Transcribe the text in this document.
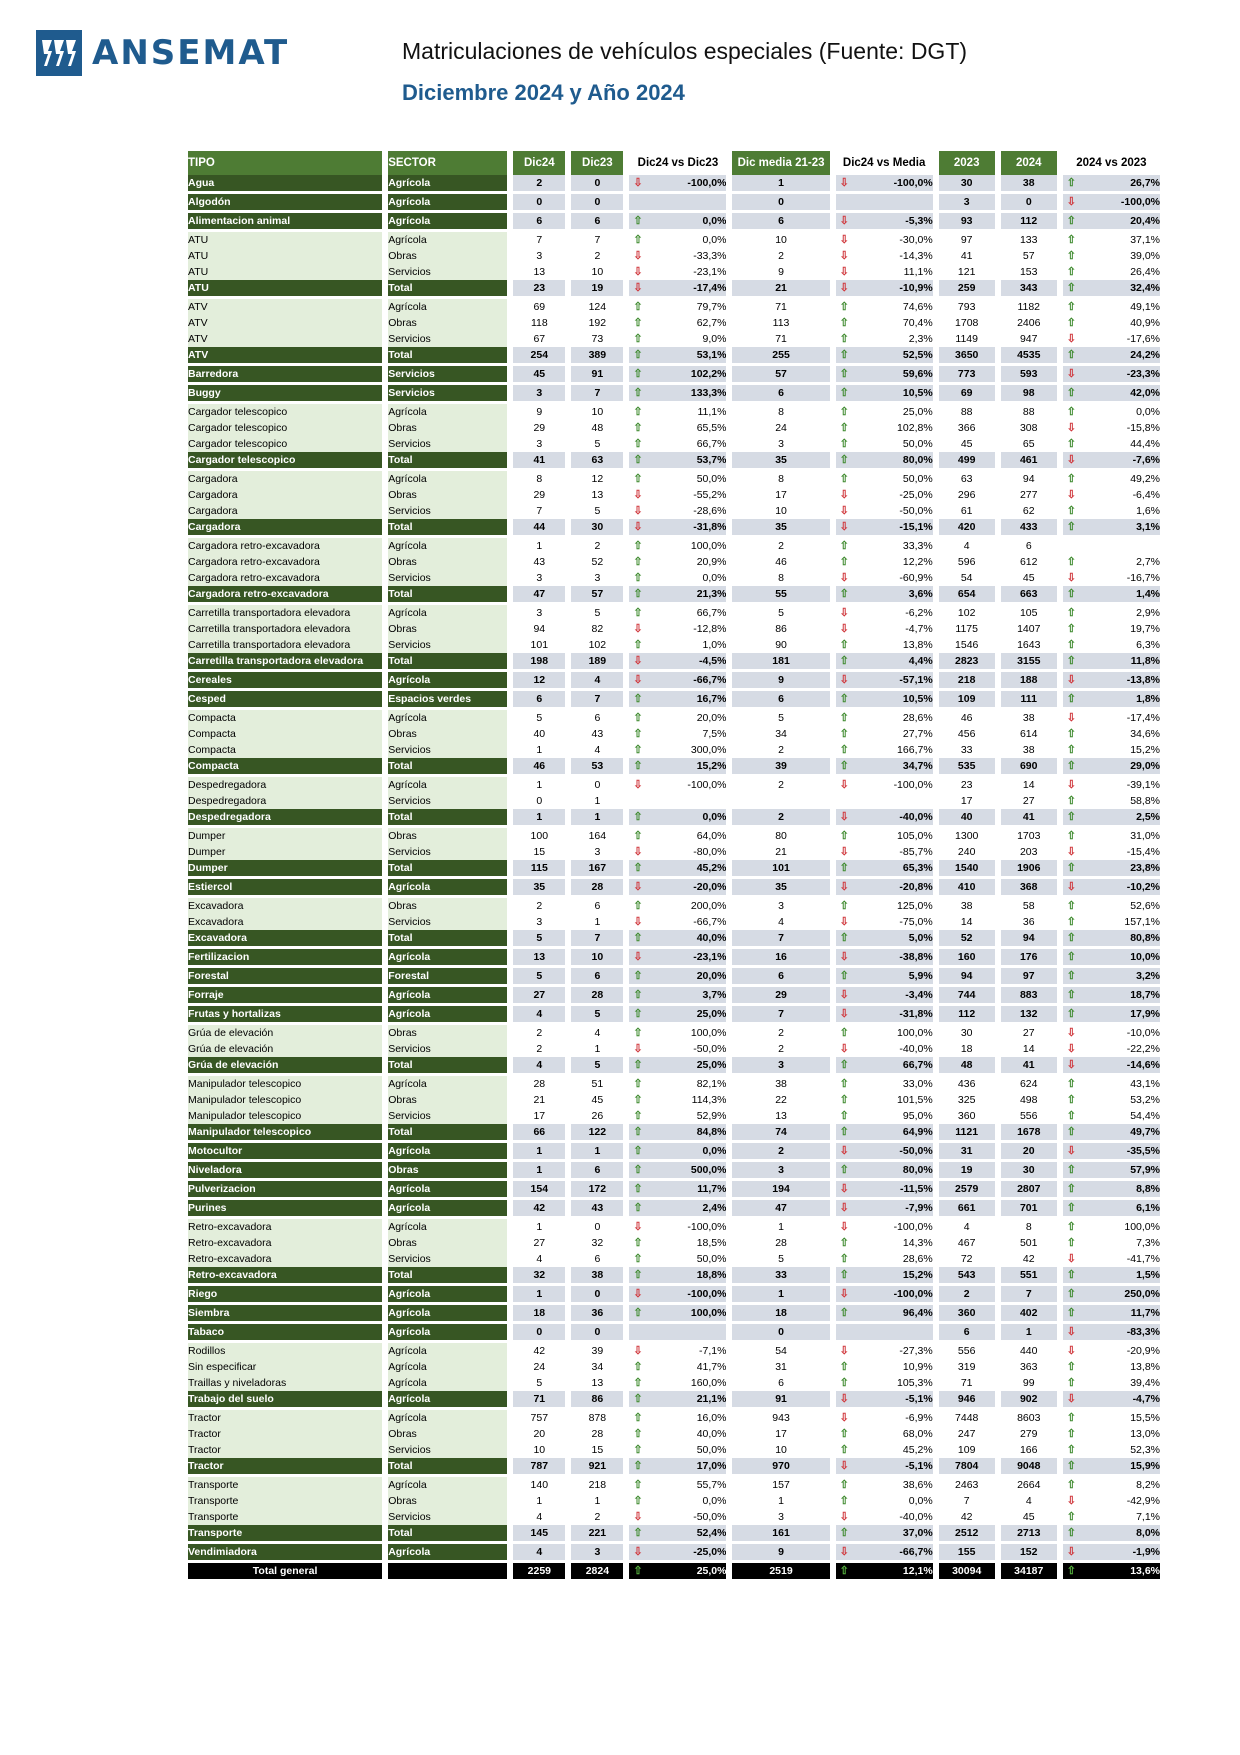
ANSEMAT	Matriculaciones de vehículos especiales (Fuente: DGT)
Diciembre 2024 y Año 2024
TIPO		SECTOR		Dic24		Dic23		Dic24 vs Dic23		Dic media 21-23		Dic24 vs Media		2023		2024		2024 vs 2023
Agua		Agrícola		2		0		⇩ -100,0%		1		⇩ -100,0%		30		38		⇧ 26,7%
Algodón		Agrícola		0		0				0				3		0		⇩ -100,0%
Alimentacion animal		Agrícola		6		6		⇧ 0,0%		6		⇩ -5,3%		93		112		⇧ 20,4%
ATU		Agrícola		7		7		⇧ 0,0%		10		⇩ -30,0%		97		133		⇧ 37,1%
ATU		Obras		3		2		⇩ -33,3%		2		⇩ -14,3%		41		57		⇧ 39,0%
ATU		Servicios		13		10		⇩ -23,1%		9		⇩ 11,1%		121		153		⇧ 26,4%
ATU		Total		23		19		⇩ -17,4%		21		⇩ -10,9%		259		343		⇧ 32,4%
ATV		Agrícola		69		124		⇧ 79,7%		71		⇧ 74,6%		793		1182		⇧ 49,1%
ATV		Obras		118		192		⇧ 62,7%		113		⇧ 70,4%		1708		2406		⇧ 40,9%
ATV		Servicios		67		73		⇧ 9,0%		71		⇧ 2,3%		1149		947		⇩ -17,6%
ATV		Total		254		389		⇧ 53,1%		255		⇧ 52,5%		3650		4535		⇧ 24,2%
Barredora		Servicios		45		91		⇧ 102,2%		57		⇧ 59,6%		773		593		⇩ -23,3%
Buggy		Servicios		3		7		⇧ 133,3%		6		⇧ 10,5%		69		98		⇧ 42,0%
Cargador telescopico		Agrícola		9		10		⇧ 11,1%		8		⇧ 25,0%		88		88		⇧ 0,0%
Cargador telescopico		Obras		29		48		⇧ 65,5%		24		⇧ 102,8%		366		308		⇩ -15,8%
Cargador telescopico		Servicios		3		5		⇧ 66,7%		3		⇧ 50,0%		45		65		⇧ 44,4%
Cargador telescopico		Total		41		63		⇧ 53,7%		35		⇧ 80,0%		499		461		⇩ -7,6%
Cargadora		Agrícola		8		12		⇧ 50,0%		8		⇧ 50,0%		63		94		⇧ 49,2%
Cargadora		Obras		29		13		⇩ -55,2%		17		⇩ -25,0%		296		277		⇩ -6,4%
Cargadora		Servicios		7		5		⇩ -28,6%		10		⇩ -50,0%		61		62		⇧ 1,6%
Cargadora		Total		44		30		⇩ -31,8%		35		⇩ -15,1%		420		433		⇧ 3,1%
Cargadora retro-excavadora		Agrícola		1		2		⇧ 100,0%		2		⇧ 33,3%		4		6		
Cargadora retro-excavadora		Obras		43		52		⇧ 20,9%		46		⇧ 12,2%		596		612		⇧ 2,7%
Cargadora retro-excavadora		Servicios		3		3		⇧ 0,0%		8		⇩ -60,9%		54		45		⇩ -16,7%
Cargadora retro-excavadora		Total		47		57		⇧ 21,3%		55		⇧ 3,6%		654		663		⇧ 1,4%
Carretilla transportadora elevadora		Agrícola		3		5		⇧ 66,7%		5		⇩ -6,2%		102		105		⇧ 2,9%
Carretilla transportadora elevadora		Obras		94		82		⇩ -12,8%		86		⇩ -4,7%		1175		1407		⇧ 19,7%
Carretilla transportadora elevadora		Servicios		101		102		⇧ 1,0%		90		⇧ 13,8%		1546		1643		⇧ 6,3%
Carretilla transportadora elevadora		Total		198		189		⇩ -4,5%		181		⇧ 4,4%		2823		3155		⇧ 11,8%
Cereales		Agrícola		12		4		⇩ -66,7%		9		⇩ -57,1%		218		188		⇩ -13,8%
Cesped		Espacios verdes		6		7		⇧ 16,7%		6		⇧ 10,5%		109		111		⇧ 1,8%
Compacta		Agrícola		5		6		⇧ 20,0%		5		⇧ 28,6%		46		38		⇩ -17,4%
Compacta		Obras		40		43		⇧ 7,5%		34		⇧ 27,7%		456		614		⇧ 34,6%
Compacta		Servicios		1		4		⇧ 300,0%		2		⇧ 166,7%		33		38		⇧ 15,2%
Compacta		Total		46		53		⇧ 15,2%		39		⇧ 34,7%		535		690		⇧ 29,0%
Despedregadora		Agrícola		1		0		⇩ -100,0%		2		⇩ -100,0%		23		14		⇩ -39,1%
Despedregadora		Servicios		0		1								17		27		⇧ 58,8%
Despedregadora		Total		1		1		⇧ 0,0%		2		⇩ -40,0%		40		41		⇧ 2,5%
Dumper		Obras		100		164		⇧ 64,0%		80		⇧ 105,0%		1300		1703		⇧ 31,0%
Dumper		Servicios		15		3		⇩ -80,0%		21		⇩ -85,7%		240		203		⇩ -15,4%
Dumper		Total		115		167		⇧ 45,2%		101		⇧ 65,3%		1540		1906		⇧ 23,8%
Estiercol		Agrícola		35		28		⇩ -20,0%		35		⇩ -20,8%		410		368		⇩ -10,2%
Excavadora		Obras		2		6		⇧ 200,0%		3		⇧ 125,0%		38		58		⇧ 52,6%
Excavadora		Servicios		3		1		⇩ -66,7%		4		⇩ -75,0%		14		36		⇧ 157,1%
Excavadora		Total		5		7		⇧ 40,0%		7		⇧ 5,0%		52		94		⇧ 80,8%
Fertilizacion		Agrícola		13		10		⇩ -23,1%		16		⇩ -38,8%		160		176		⇧ 10,0%
Forestal		Forestal		5		6		⇧ 20,0%		6		⇧ 5,9%		94		97		⇧ 3,2%
Forraje		Agrícola		27		28		⇧ 3,7%		29		⇩ -3,4%		744		883		⇧ 18,7%
Frutas y hortalizas		Agrícola		4		5		⇧ 25,0%		7		⇩ -31,8%		112		132		⇧ 17,9%
Grúa de elevación		Obras		2		4		⇧ 100,0%		2		⇧ 100,0%		30		27		⇩ -10,0%
Grúa de elevación		Servicios		2		1		⇩ -50,0%		2		⇩ -40,0%		18		14		⇩ -22,2%
Grúa de elevación		Total		4		5		⇧ 25,0%		3		⇧ 66,7%		48		41		⇩ -14,6%
Manipulador telescopico		Agrícola		28		51		⇧ 82,1%		38		⇧ 33,0%		436		624		⇧ 43,1%
Manipulador telescopico		Obras		21		45		⇧ 114,3%		22		⇧ 101,5%		325		498		⇧ 53,2%
Manipulador telescopico		Servicios		17		26		⇧ 52,9%		13		⇧ 95,0%		360		556		⇧ 54,4%
Manipulador telescopico		Total		66		122		⇧ 84,8%		74		⇧ 64,9%		1121		1678		⇧ 49,7%
Motocultor		Agrícola		1		1		⇧ 0,0%		2		⇩ -50,0%		31		20		⇩ -35,5%
Niveladora		Obras		1		6		⇧ 500,0%		3		⇧ 80,0%		19		30		⇧ 57,9%
Pulverizacion		Agrícola		154		172		⇧ 11,7%		194		⇩ -11,5%		2579		2807		⇧ 8,8%
Purines		Agrícola		42		43		⇧ 2,4%		47		⇩ -7,9%		661		701		⇧ 6,1%
Retro-excavadora		Agrícola		1		0		⇩ -100,0%		1		⇩ -100,0%		4		8		⇧ 100,0%
Retro-excavadora		Obras		27		32		⇧ 18,5%		28		⇧ 14,3%		467		501		⇧ 7,3%
Retro-excavadora		Servicios		4		6		⇧ 50,0%		5		⇧ 28,6%		72		42		⇩ -41,7%
Retro-excavadora		Total		32		38		⇧ 18,8%		33		⇧ 15,2%		543		551		⇧ 1,5%
Riego		Agrícola		1		0		⇩ -100,0%		1		⇩ -100,0%		2		7		⇧ 250,0%
Siembra		Agrícola		18		36		⇧ 100,0%		18		⇧ 96,4%		360		402		⇧ 11,7%
Tabaco		Agrícola		0		0				0				6		1		⇩ -83,3%
Rodillos		Agrícola		42		39		⇩ -7,1%		54		⇩ -27,3%		556		440		⇩ -20,9%
Sin especificar		Agrícola		24		34		⇧ 41,7%		31		⇧ 10,9%		319		363		⇧ 13,8%
Traillas y niveladoras		Agrícola		5		13		⇧ 160,0%		6		⇧ 105,3%		71		99		⇧ 39,4%
Trabajo del suelo		Agrícola		71		86		⇧ 21,1%		91		⇩ -5,1%		946		902		⇩ -4,7%
Tractor		Agrícola		757		878		⇧ 16,0%		943		⇩ -6,9%		7448		8603		⇧ 15,5%
Tractor		Obras		20		28		⇧ 40,0%		17		⇧ 68,0%		247		279		⇧ 13,0%
Tractor		Servicios		10		15		⇧ 50,0%		10		⇧ 45,2%		109		166		⇧ 52,3%
Tractor		Total		787		921		⇧ 17,0%		970		⇩ -5,1%		7804		9048		⇧ 15,9%
Transporte		Agrícola		140		218		⇧ 55,7%		157		⇧ 38,6%		2463		2664		⇧ 8,2%
Transporte		Obras		1		1		⇧ 0,0%		1		⇧ 0,0%		7		4		⇩ -42,9%
Transporte		Servicios		4		2		⇩ -50,0%		3		⇩ -40,0%		42		45		⇧ 7,1%
Transporte		Total		145		221		⇧ 52,4%		161		⇧ 37,0%		2512		2713		⇧ 8,0%
Vendimiadora		Agrícola		4		3		⇩ -25,0%		9		⇩ -66,7%		155		152		⇩ -1,9%
Total general				2259		2824		⇧ 25,0%		2519		⇧ 12,1%		30094		34187		⇧ 13,6%
